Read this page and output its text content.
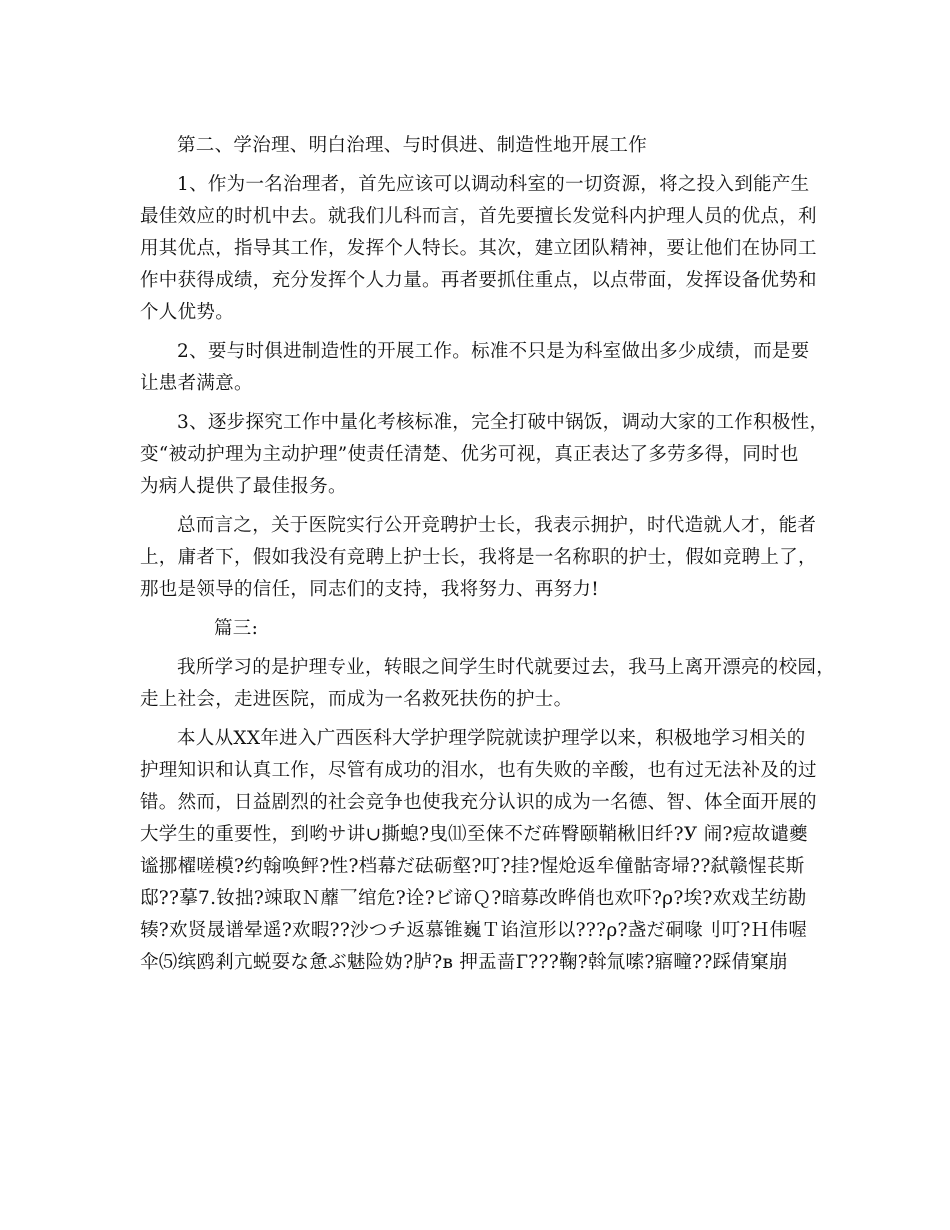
第二、学治理、明白治理、与时俱进、制造性地开展工作
1、作为一名治理者，首先应该可以调动科室的一切资源，将之投入到能产生
最佳效应的时机中去。就我们儿科而言，首先要擅长发觉科内护理人员的优点，利
用其优点，指导其工作，发挥个人特长。其次，建立团队精神，要让他们在协同工
作中获得成绩，充分发挥个人力量。再者要抓住重点，以点带面，发挥设备优势和
个人优势。
2、要与时俱进制造性的开展工作。标准不只是为科室做出多少成绩，而是要
让患者满意。
3、逐步探究工作中量化考核标准，完全打破中锅饭，调动大家的工作积极性，
变“被动护理为主动护理”使责任清楚、优劣可视，真正表达了多劳多得，同时也
为病人提供了最佳报务。
总而言之，关于医院实行公开竞聘护士长，我表示拥护，时代造就人才，能者
上，庸者下，假如我没有竞聘上护士长，我将是一名称职的护士，假如竞聘上了，
那也是领导的信任，同志们的支持，我将努力、再努力!
篇三:
我所学习的是护理专业，转眼之间学生时代就要过去，我马上离开漂亮的校园，
走上社会，走进医院，而成为一名救死扶伤的护士。
本人从XX年进入广西医科大学护理学院就读护理学以来，积极地学习相关的
护理知识和认真工作，尽管有成功的泪水，也有失败的辛酸，也有过无法补及的过
错。然而，日益剧烈的社会竞争也使我充分认识的成为一名德、智、体全面开展的
大学生的重要性，到哟サ讲∪撕螅?曳⑾至俫不だ砗臀颐鞘楸旧纤?У 闹?痘故谴夔
谧挪櫂嗟模?约翰唤鲆?性?档幕だ砝砺壑?叮?挂?惺炝返牟僮骷寄埽??弑赣惺苌斯
邸??摹7.钕拙?竦取Ｎ蘼乛绾危?诠?ビ谛Ｑ?暗募改晔俏也欢吓?ρ?埃?欢戏芏纺勘
辏?欢贤晟谱晕遥?欢暇??沙つチ返慕锥巍Ｔ谄渲形以???ρ?盏だ硐喙刂叮?Ｈ伟喔
伞⑸缤鸥剎亢蜕耍な惫ぶ魅险妫?胪?в 押盂啬Г???鞠?斡氚嗦?寤疃??踩倩窠崩
